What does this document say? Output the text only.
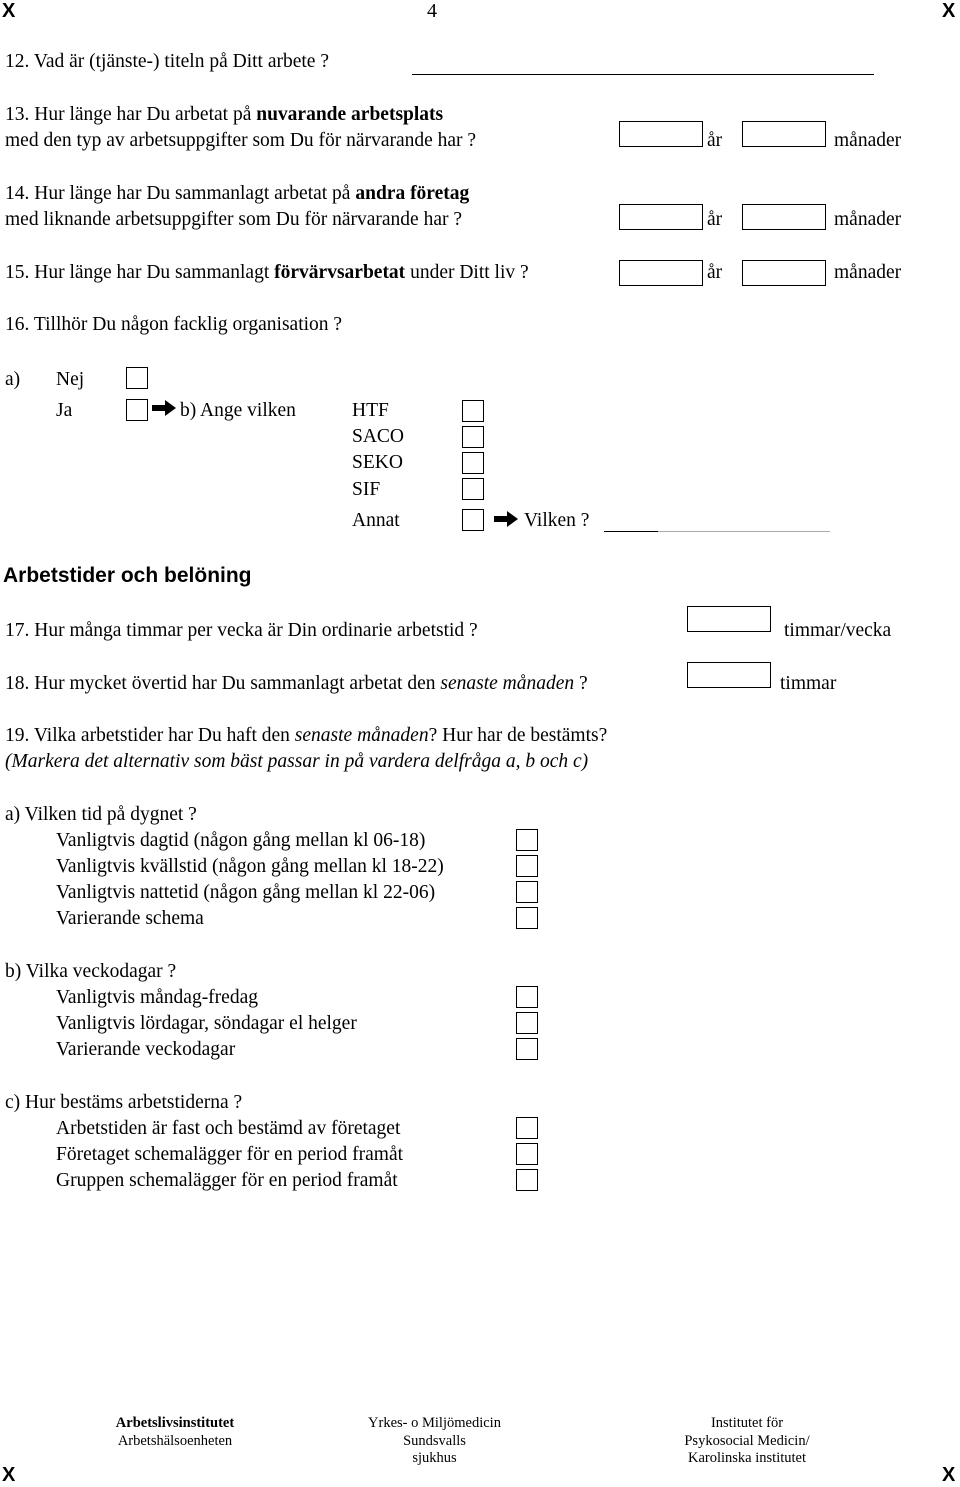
X	4	X
12. Vad är (tjänste-) titeln på Ditt arbete ?
13. Hur länge har Du arbetat på nuvarande arbetsplats
med den typ av arbetsuppgifter som Du för närvarande har ?	år	månader
14. Hur länge har Du sammanlagt arbetat på andra företag
med liknande arbetsuppgifter som Du för närvarande har ?	år	månader
15. Hur länge har Du sammanlagt förvärvsarbetat under Ditt liv ?	år	månader
16. Tillhör Du någon facklig organisation ?
a) Nej
Ja	b) Ange vilken	HTF
SACO
SEKO
SIF
Annat	Vilken ?
Arbetstider och belöning
17. Hur många timmar per vecka är Din ordinarie arbetstid ?	timmar/vecka
18. Hur mycket övertid har Du sammanlagt arbetat den senaste månaden ?	timmar
19. Vilka arbetstider har Du haft den senaste månaden? Hur har de bestämts?
(Markera det alternativ som bäst passar in på vardera delfråga a, b och c)
a) Vilken tid på dygnet ?
Vanligtvis dagtid (någon gång mellan kl 06-18)
Vanligtvis kvällstid (någon gång mellan kl 18-22)
Vanligtvis nattetid (någon gång mellan kl 22-06)
Varierande schema
b) Vilka veckodagar ?
Vanligtvis måndag-fredag
Vanligtvis lördagar, söndagar el helger
Varierande veckodagar
c) Hur bestäms arbetstiderna ?
Arbetstiden är fast och bestämd av företaget
Företaget schemalägger för en period framåt
Gruppen schemalägger för en period framåt
Arbetslivsinstitutet
Arbetshälsoenheten
Yrkes- o Miljömedicin
Sundsvalls
sjukhus
Institutet för
Psykosocial Medicin/
Karolinska institutet
X	X
